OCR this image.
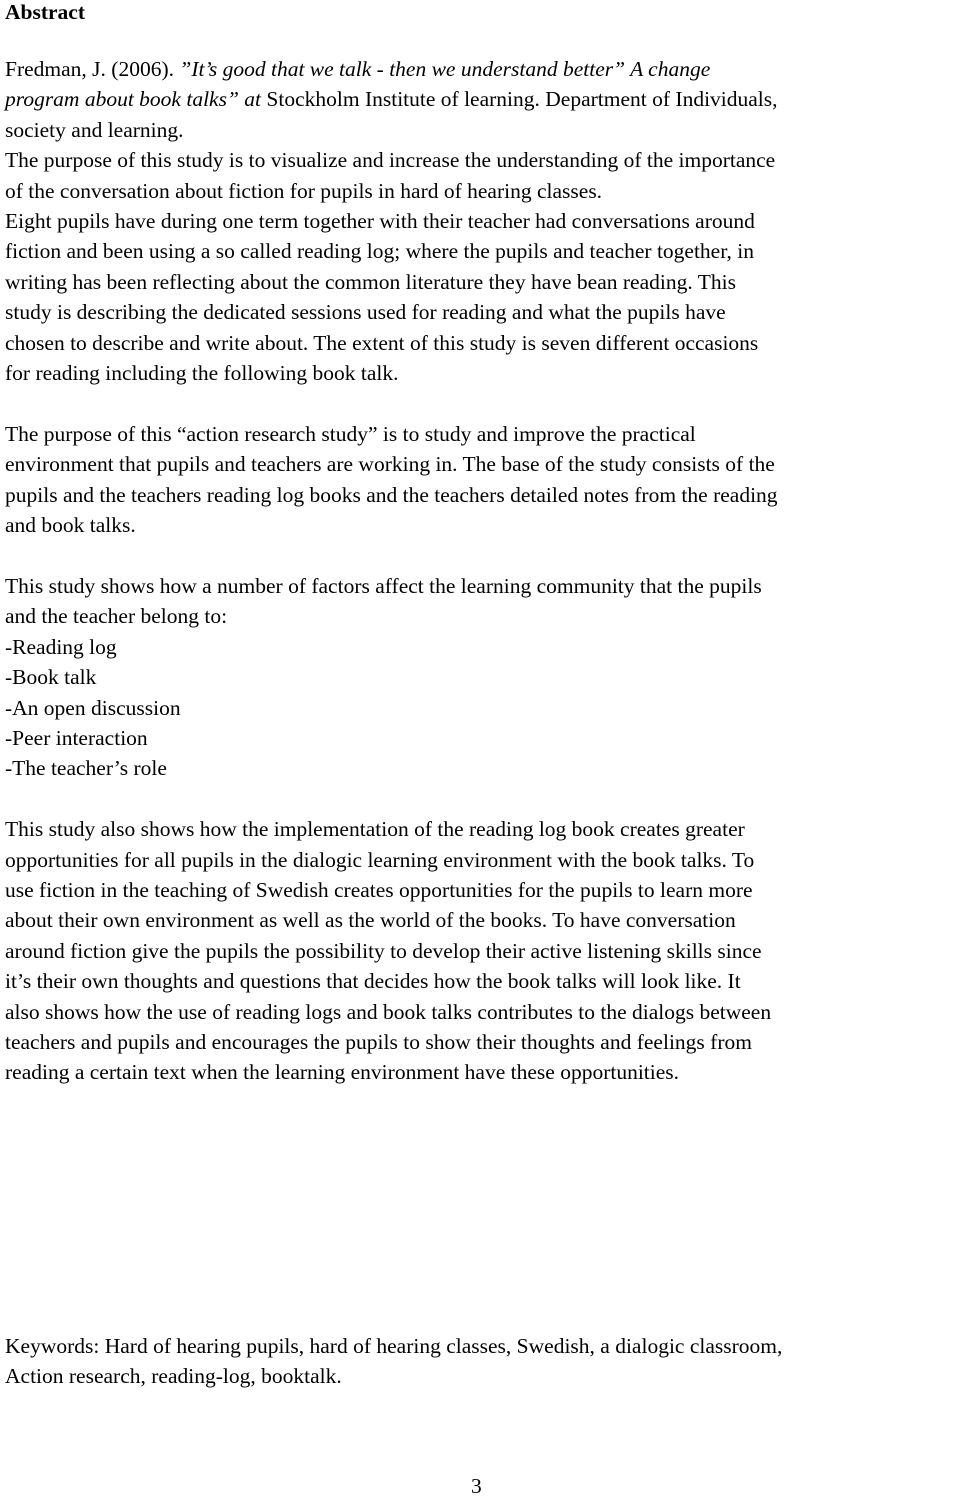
Abstract

Fredman, J. (2006). ”It’s good that we talk - then we understand better” A change
program about book talks” at Stockholm Institute of learning. Department of Individuals,
society and learning.

The purpose of this study is to visualize and increase the understanding of the importance
of the conversation about fiction for pupils in hard of hearing classes.
Eight pupils have during one term together with their teacher had conversations around
fiction and been using a so called reading log; where the pupils and teacher together, in
writing has been reflecting about the common literature they have bean reading. This
study is describing the dedicated sessions used for reading and what the pupils have
chosen to describe and write about. The extent of this study is seven different occasions
for reading including the following book talk.

The purpose of this “action research study” is to study and improve the practical
environment that pupils and teachers are working in. The base of the study consists of the
pupils and the teachers reading log books and the teachers detailed notes from the reading
and book talks.

This study shows how a number of factors affect the learning community that the pupils
and the teacher belong to:
-Reading log
-Book talk
-An open discussion
-Peer interaction
-The teacher’s role

This study also shows how the implementation of the reading log book creates greater
opportunities for all pupils in the dialogic learning environment with the book talks. To
use fiction in the teaching of Swedish creates opportunities for the pupils to learn more
about their own environment as well as the world of the books. To have conversation
around fiction give the pupils the possibility to develop their active listening skills since
it’s their own thoughts and questions that decides how the book talks will look like. It
also shows how the use of reading logs and book talks contributes to the dialogs between
teachers and pupils and encourages the pupils to show their thoughts and feelings from
reading a certain text when the learning environment have these opportunities.

Keywords: Hard of hearing pupils, hard of hearing classes, Swedish, a dialogic classroom,
Action research, reading-log, booktalk.
3
